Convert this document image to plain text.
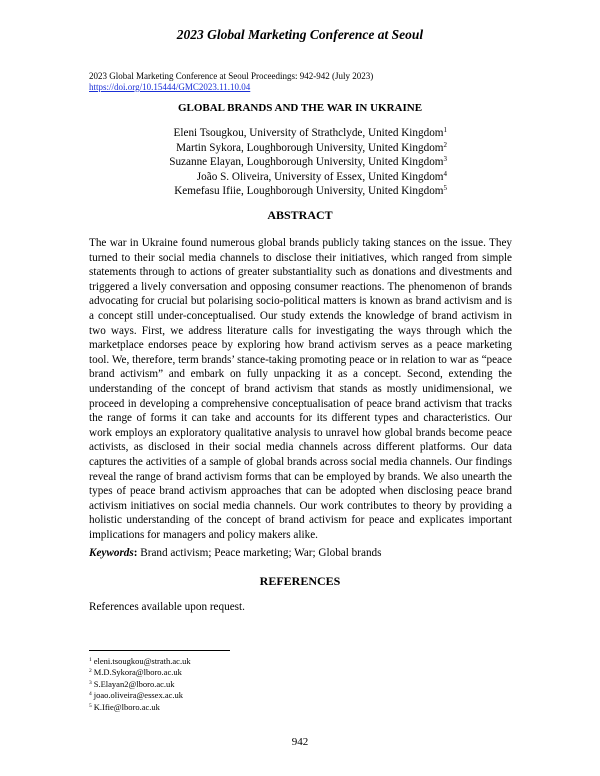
2023 Global Marketing Conference at Seoul
2023 Global Marketing Conference at Seoul Proceedings: 942-942 (July 2023)
https://doi.org/10.15444/GMC2023.11.10.04
GLOBAL BRANDS AND THE WAR IN UKRAINE
Eleni Tsougkou, University of Strathclyde, United Kingdom$^1$
Martin Sykora, Loughborough University, United Kingdom$^2$
Suzanne Elayan, Loughborough University, United Kingdom$^3$
João S. Oliveira, University of Essex, United Kingdom$^4$
Kemefasu Ifiie, Loughborough University, United Kingdom$^5$
ABSTRACT

The war in Ukraine found numerous global brands publicly taking stances on the issue. They turned to their social media channels to disclose their initiatives, which ranged from simple statements through to actions of greater substantiality such as donations and divestments and triggered a lively conversation and opposing consumer reactions. The phenomenon of brands advocating for crucial but polarising socio-political matters is known as brand activism and is a concept still under-conceptualised. Our study extends the knowledge of brand activism in two ways. First, we address literature calls for investigating the ways through which the marketplace endorses peace by exploring how brand activism serves as a peace marketing tool. We, therefore, term brands’ stance-taking promoting peace or in relation to war as “peace brand activism” and embark on fully unpacking it as a concept. Second, extending the understanding of the concept of brand activism that stands as mostly unidimensional, we proceed in developing a comprehensive conceptualisation of peace brand activism that tracks the range of forms it can take and accounts for its different types and characteristics. Our work employs an exploratory qualitative analysis to unravel how global brands become peace activists, as disclosed in their social media channels across different platforms. Our data captures the activities of a sample of global brands across social media channels. Our findings reveal the range of brand activism forms that can be employed by brands. We also unearth the types of peace brand activism approaches that can be adopted when disclosing peace brand activism initiatives on social media channels. Our work contributes to theory by providing a holistic understanding of the concept of brand activism for peace and explicates important implications for managers and policy makers alike.

Keywords: Brand activism; Peace marketing; War; Global brands
REFERENCES
References available upon request.
$^1$ eleni.tsougkou@strath.ac.uk
$^2$ M.D.Sykora@lboro.ac.uk
$^3$ S.Elayan2@lboro.ac.uk
$^4$ joao.oliveira@essex.ac.uk
$^5$ K.Ifie@lboro.ac.uk
942
